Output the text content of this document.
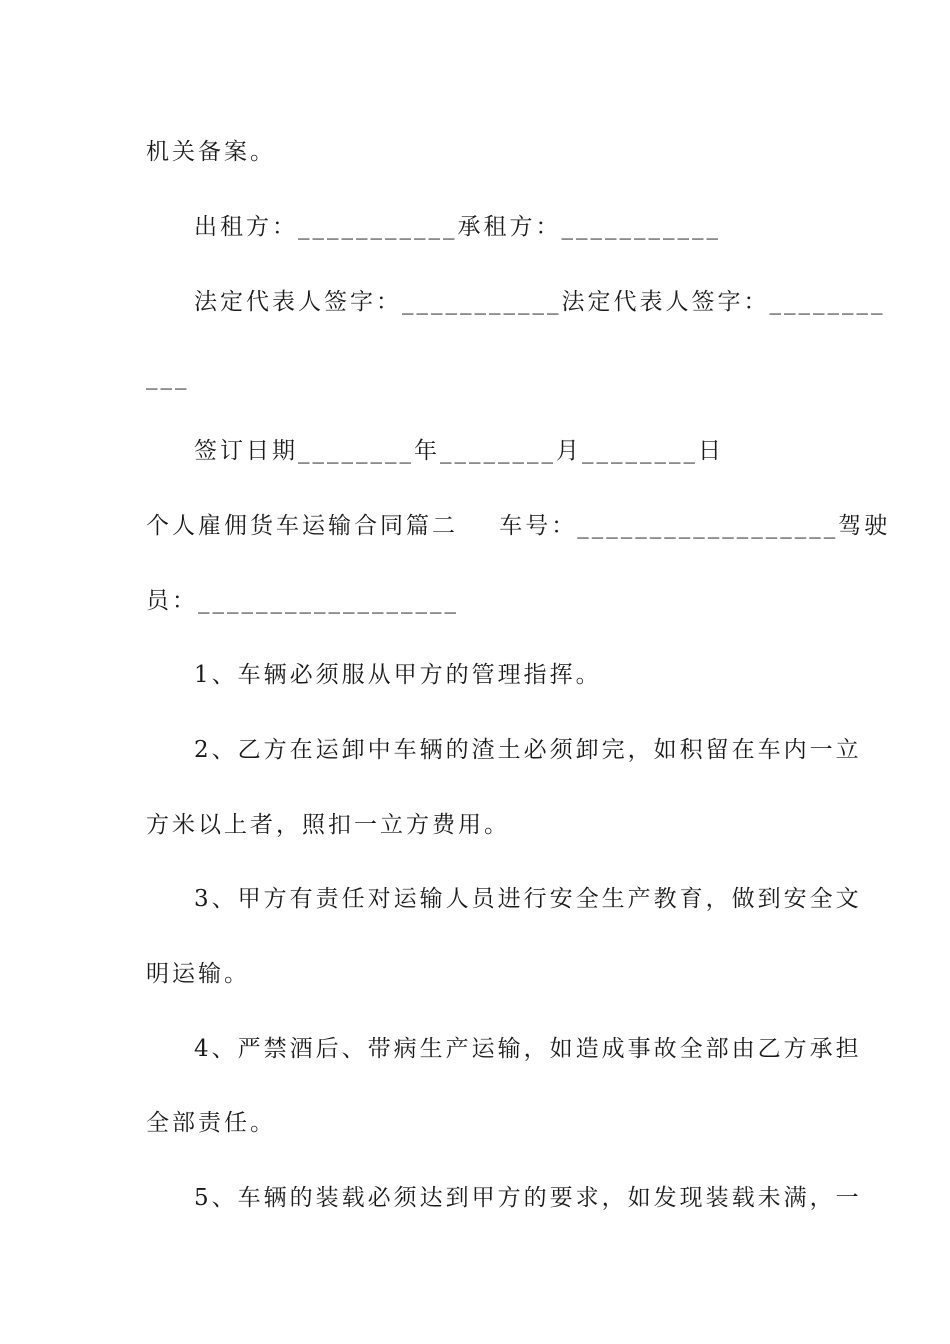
机关备案。
出租方：___________承租方：___________
法定代表人签字：___________法定代表人签字：________
___
签订日期________年________月________日
个人雇佣货车运输合同篇二    车号：__________________驾驶
员：__________________
1、车辆必须服从甲方的管理指挥。
2、乙方在运卸中车辆的渣土必须卸完，如积留在车内一立
方米以上者，照扣一立方费用。
3、甲方有责任对运输人员进行安全生产教育，做到安全文
明运输。
4、严禁酒后、带病生产运输，如造成事故全部由乙方承担
全部责任。
5、车辆的装载必须达到甲方的要求，如发现装载未满，一
